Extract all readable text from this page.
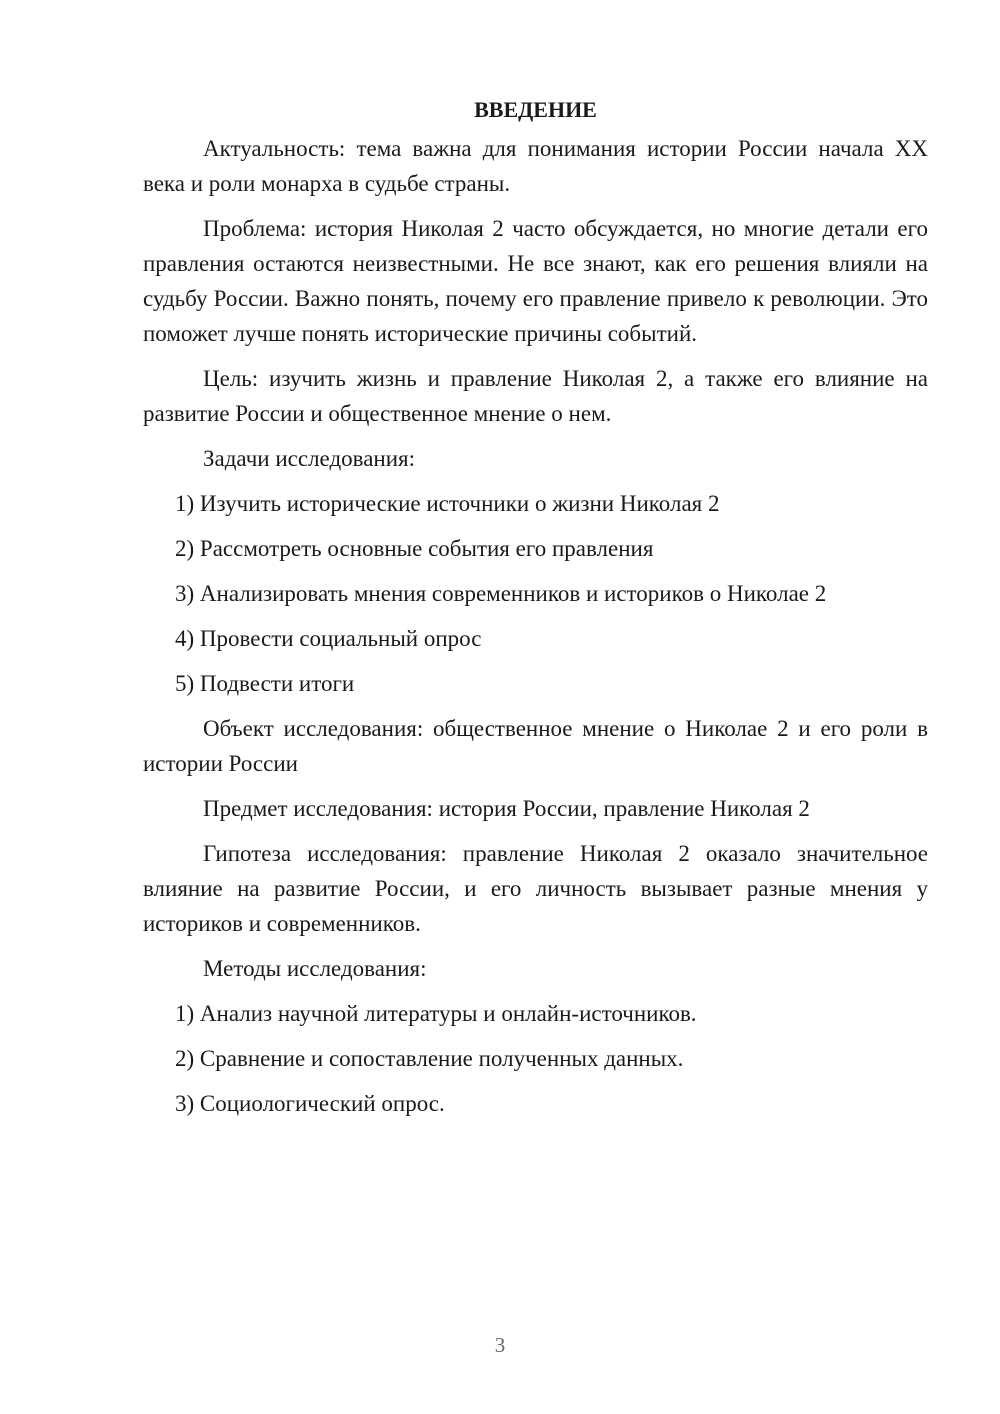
ВВЕДЕНИЕ

Актуальность: тема важна для понимания истории России начала XX века и роли монарха в судьбе страны.

Проблема: история Николая 2 часто обсуждается, но многие детали его правления остаются неизвестными. Не все знают, как его решения влияли на судьбу России. Важно понять, почему его правление привело к революции. Это поможет лучше понять исторические причины событий.

Цель: изучить жизнь и правление Николая 2, а также его влияние на развитие России и общественное мнение о нем.

Задачи исследования:

1) Изучить исторические источники о жизни Николая 2

2) Рассмотреть основные события его правления

3) Анализировать мнения современников и историков о Николае 2

4) Провести социальный опрос

5) Подвести итоги

Объект исследования: общественное мнение о Николае 2 и его роли в истории России

Предмет исследования: история России, правление Николая 2

Гипотеза исследования: правление Николая 2 оказало значительное влияние на развитие России, и его личность вызывает разные мнения у историков и современников.

Методы исследования:

1) Анализ научной литературы и онлайн-источников.

2) Сравнение и сопоставление полученных данных.

3) Социологический опрос.

3
